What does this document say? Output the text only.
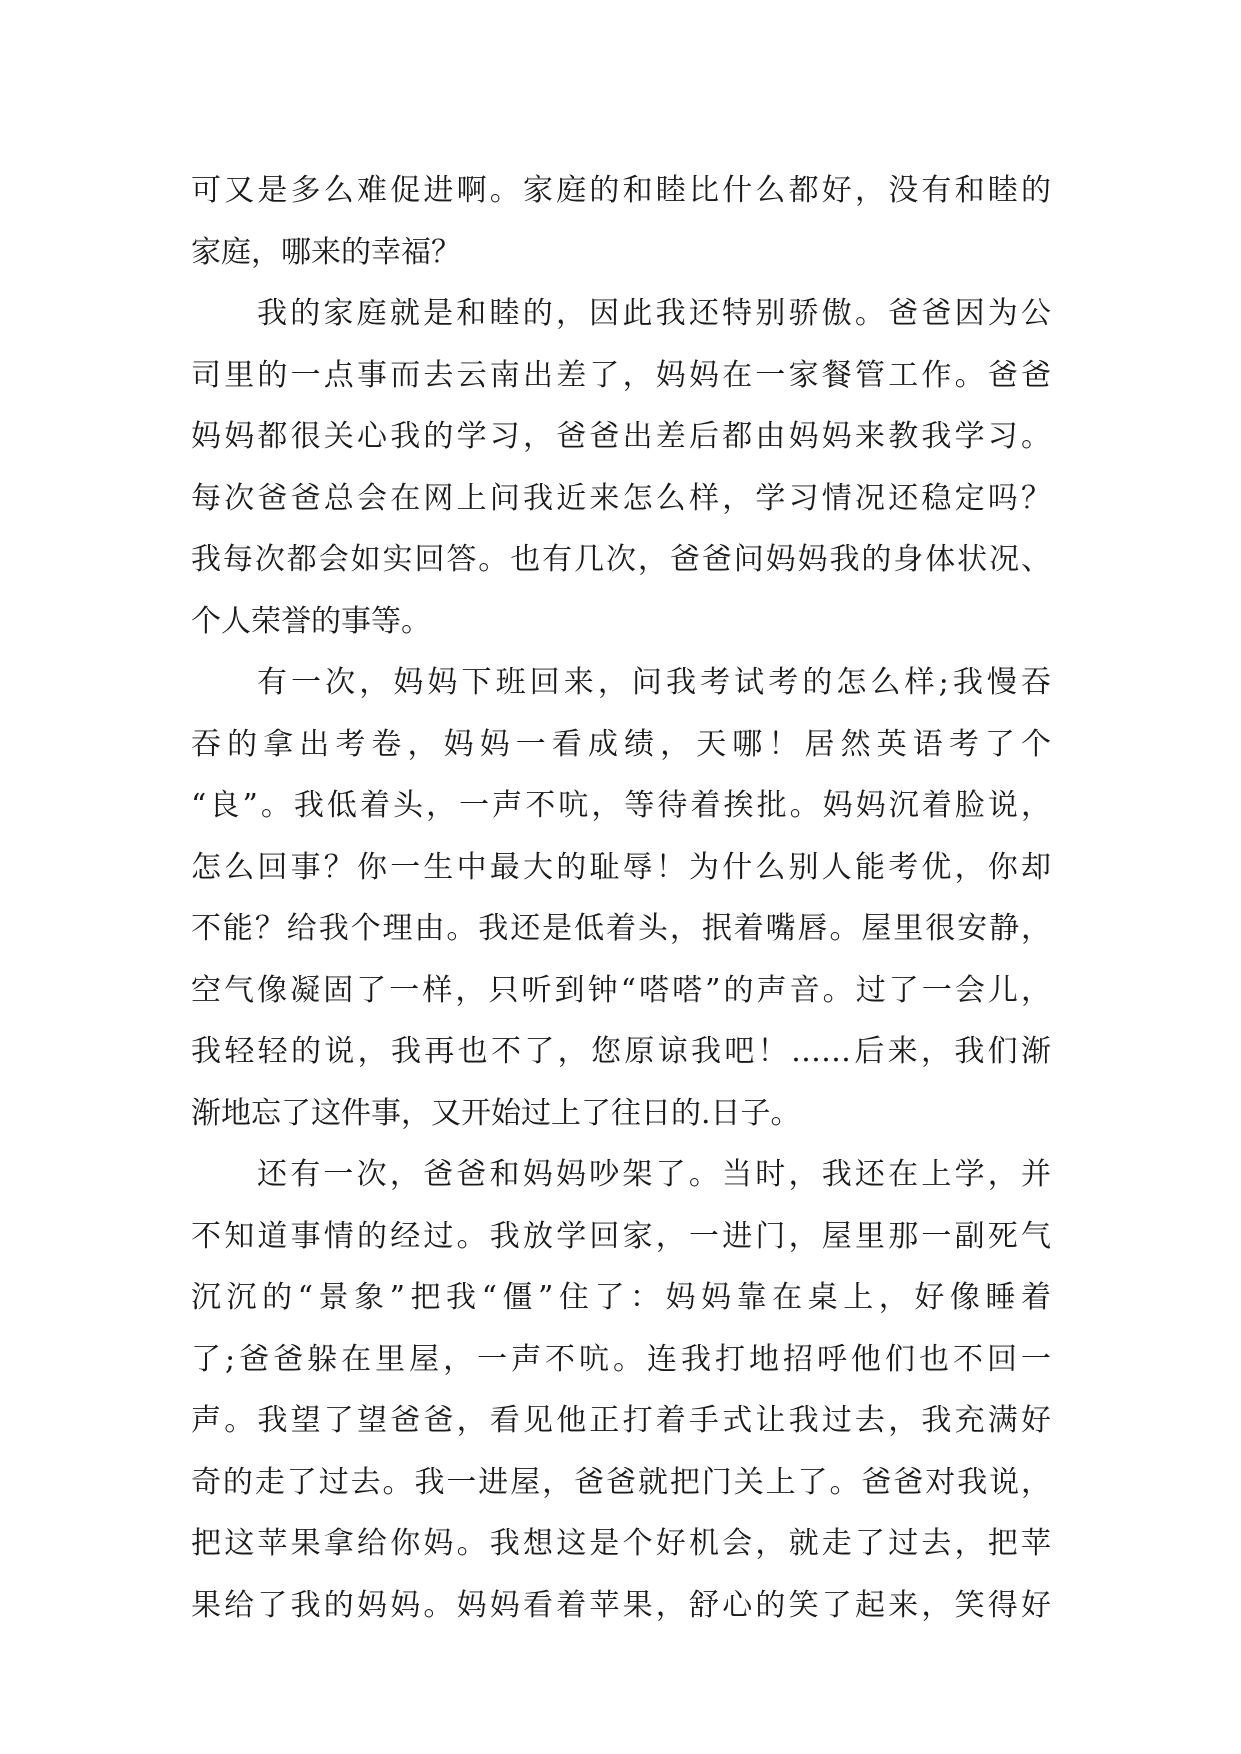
可又是多么难促进啊。家庭的和睦比什么都好，没有和睦的
家庭，哪来的幸福？
我的家庭就是和睦的，因此我还特别骄傲。爸爸因为公
司里的一点事而去云南出差了，妈妈在一家餐管工作。爸爸
妈妈都很关心我的学习，爸爸出差后都由妈妈来教我学习。
每次爸爸总会在网上问我近来怎么样，学习情况还稳定吗？
我每次都会如实回答。也有几次，爸爸问妈妈我的身体状况、
个人荣誉的事等。
有一次，妈妈下班回来，问我考试考的怎么样;我慢吞
吞的拿出考卷，妈妈一看成绩，天哪！居然英语考了个
“良”。我低着头，一声不吭，等待着挨批。妈妈沉着脸说，
怎么回事？你一生中最大的耻辱！为什么别人能考优，你却
不能？给我个理由。我还是低着头，抿着嘴唇。屋里很安静，
空气像凝固了一样，只听到钟“嗒嗒”的声音。过了一会儿，
我轻轻的说，我再也不了，您原谅我吧！……后来，我们渐
渐地忘了这件事，又开始过上了往日的.日子。
还有一次，爸爸和妈妈吵架了。当时，我还在上学，并
不知道事情的经过。我放学回家，一进门，屋里那一副死气
沉沉的“景象”把我“僵”住了：妈妈靠在桌上，好像睡着
了;爸爸躲在里屋，一声不吭。连我打地招呼他们也不回一
声。我望了望爸爸，看见他正打着手式让我过去，我充满好
奇的走了过去。我一进屋，爸爸就把门关上了。爸爸对我说，
把这苹果拿给你妈。我想这是个好机会，就走了过去，把苹
果给了我的妈妈。妈妈看着苹果，舒心的笑了起来，笑得好
